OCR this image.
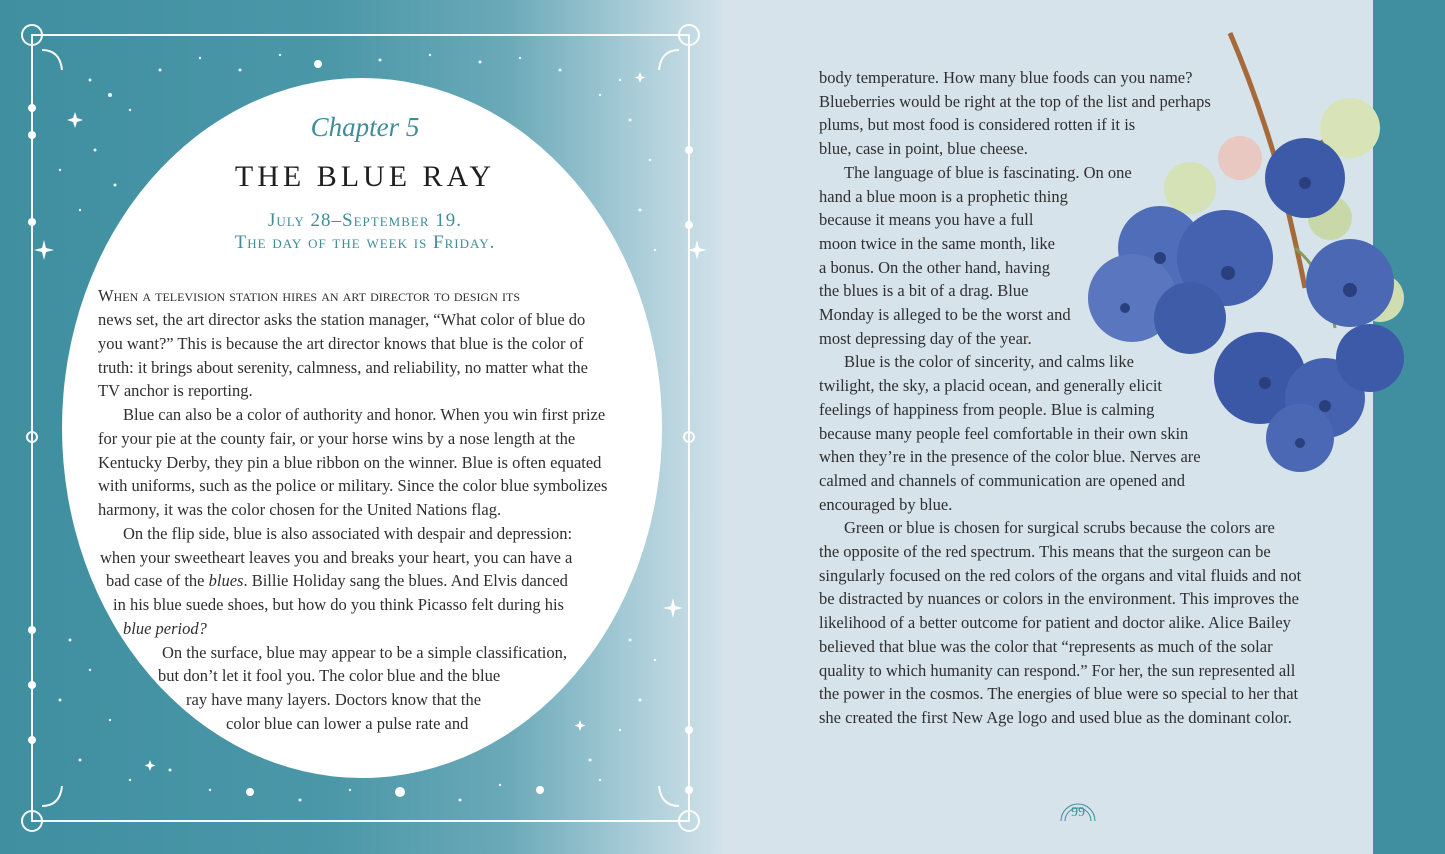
Chapter 5
THE BLUE RAY
July 28–September 19.
The day of the week is Friday.
When a television station hires an art director to design its
news set, the art director asks the station manager, “What color of blue do
you want?” This is because the art director knows that blue is the color of
truth: it brings about serenity, calmness, and reliability, no matter what the
TV anchor is reporting.
Blue can also be a color of authority and honor. When you win first prize
for your pie at the county fair, or your horse wins by a nose length at the
Kentucky Derby, they pin a blue ribbon on the winner. Blue is often equated
with uniforms, such as the police or military. Since the color blue symbolizes
harmony, it was the color chosen for the United Nations flag.
On the flip side, blue is also associated with despair and depression:
when your sweetheart leaves you and breaks your heart, you can have a
bad case of the blues. Billie Holiday sang the blues. And Elvis danced
in his blue suede shoes, but how do you think Picasso felt during his
blue period?
On the surface, blue may appear to be a simple classification,
but don’t let it fool you. The color blue and the blue
ray have many layers. Doctors know that the
color blue can lower a pulse rate and
body temperature. How many blue foods can you name?
Blueberries would be right at the top of the list and perhaps
plums, but most food is considered rotten if it is
blue, case in point, blue cheese.
The language of blue is fascinating. On one
hand a blue moon is a prophetic thing
because it means you have a full
moon twice in the same month, like
a bonus. On the other hand, having
the blues is a bit of a drag. Blue
Monday is alleged to be the worst and
most depressing day of the year.
Blue is the color of sincerity, and calms like
twilight, the sky, a placid ocean, and generally elicit
feelings of happiness from people. Blue is calming
because many people feel comfortable in their own skin
when they’re in the presence of the color blue. Nerves are
calmed and channels of communication are opened and
encouraged by blue.
Green or blue is chosen for surgical scrubs because the colors are
the opposite of the red spectrum. This means that the surgeon can be
singularly focused on the red colors of the organs and vital fluids and not
be distracted by nuances or colors in the environment. This improves the
likelihood of a better outcome for patient and doctor alike. Alice Bailey
believed that blue was the color that “represents as much of the solar
quality to which humanity can respond.” For her, the sun represented all
the power in the cosmos. The energies of blue were so special to her that
she created the first New Age logo and used blue as the dominant color.
99
